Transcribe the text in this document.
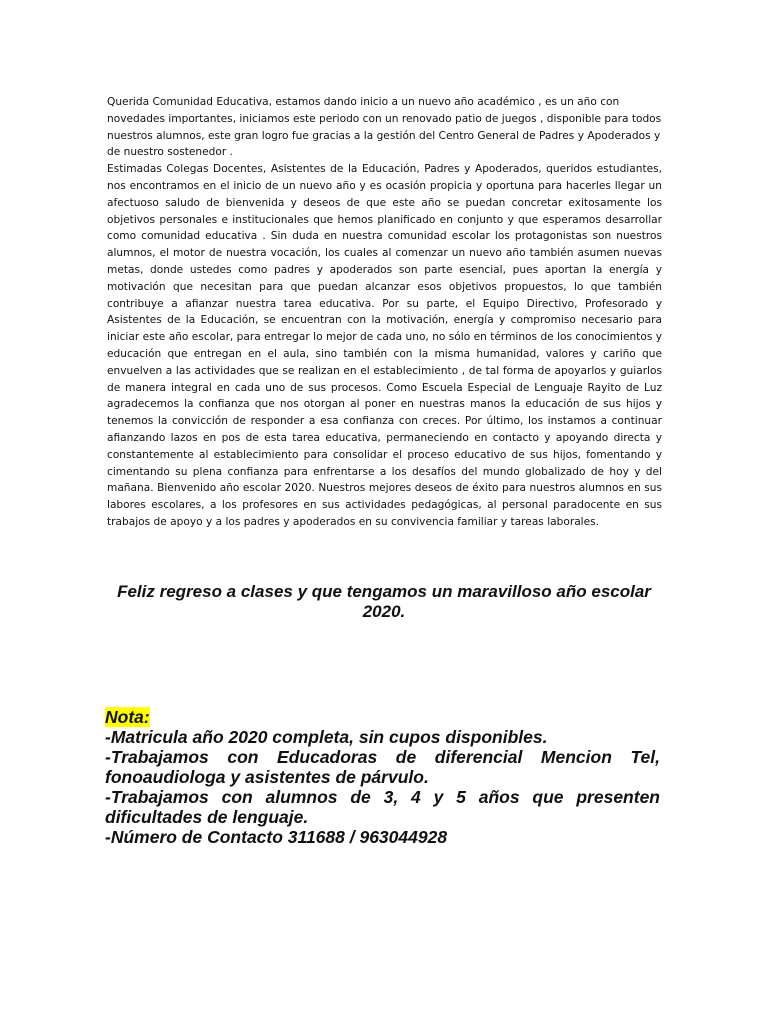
Querida Comunidad Educativa, estamos dando inicio a un nuevo año académico , es un año con novedades importantes, iniciamos este periodo con un renovado patio de juegos , disponible para todos nuestros alumnos, este gran logro fue gracias a la gestión del Centro General de Padres y Apoderados y de nuestro sostenedor .

Estimadas Colegas Docentes, Asistentes de la Educación, Padres y Apoderados, queridos estudiantes, nos encontramos en el inicio de un nuevo año y es ocasión propicia y oportuna para hacerles llegar un afectuoso saludo de bienvenida y deseos de que este año se puedan concretar exitosamente los objetivos personales e institucionales que hemos planificado en conjunto y que esperamos desarrollar como comunidad educativa . Sin duda en nuestra comunidad escolar los protagonistas son nuestros alumnos, el motor de nuestra vocación, los cuales al comenzar un nuevo año también asumen nuevas metas, donde ustedes como padres y apoderados son parte esencial, pues aportan la energía y motivación que necesitan para que puedan alcanzar esos objetivos propuestos, lo que también contribuye a afianzar nuestra tarea educativa. Por su parte, el Equipo Directivo, Profesorado y Asistentes de la Educación, se encuentran con la motivación, energía y compromiso necesario para iniciar este año escolar, para entregar lo mejor de cada uno, no sólo en términos de los conocimientos y educación que entregan en el aula, sino también con la misma humanidad, valores y cariño que envuelven a las actividades que se realizan en el establecimiento , de tal forma de apoyarlos y guiarlos de manera integral en cada uno de sus procesos. Como Escuela Especial de Lenguaje Rayito de Luz agradecemos la confianza que nos otorgan al poner en nuestras manos la educación de sus hijos y tenemos la convicción de responder a esa confianza con creces. Por último, los instamos a continuar afianzando lazos en pos de esta tarea educativa, permaneciendo en contacto y apoyando directa y constantemente al establecimiento para consolidar el proceso educativo de sus hijos, fomentando y cimentando su plena confianza para enfrentarse a los desafíos del mundo globalizado de hoy y del mañana. Bienvenido año escolar 2020. Nuestros mejores deseos de éxito para nuestros alumnos en sus labores escolares, a los profesores en sus actividades pedagógicas, al personal paradocente en sus trabajos de apoyo y a los padres y apoderados en su convivencia familiar y tareas laborales.

Feliz regreso a clases y que tengamos un maravilloso año escolar 2020.

Nota:

-Matricula año 2020 completa, sin cupos disponibles.

-Trabajamos con Educadoras de diferencial Mencion Tel, fonoaudiologa y asistentes de párvulo.

-Trabajamos con alumnos de 3, 4 y 5 años que presenten dificultades de lenguaje.

-Número de Contacto 311688 / 963044928
